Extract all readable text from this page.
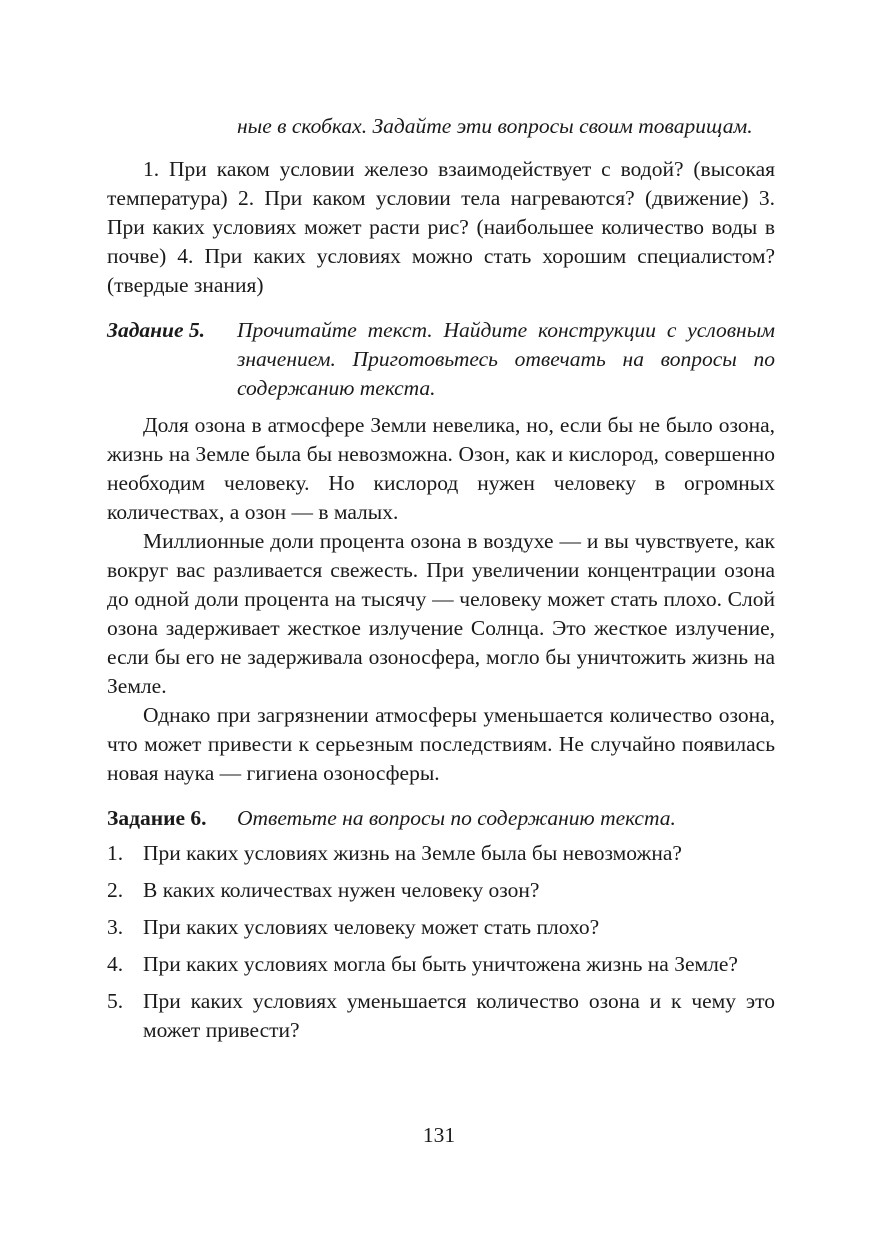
ные в скобках. Задайте эти вопросы своим товарищам.

1. При каком условии железо взаимодействует с водой? (высокая температура) 2. При каком условии тела нагреваются? (движение) 3. При каких условиях может расти рис? (наибольшее количество воды в почве) 4. При каких условиях можно стать хорошим специалистом? (твердые знания)

Задание 5.	Прочитайте текст. Найдите конструкции с условным значением. Приготовьтесь отвечать на вопросы по содержанию текста.

Доля озона в атмосфере Земли невелика, но, если бы не было озона, жизнь на Земле была бы невозможна. Озон, как и кислород, совершенно необходим человеку. Но кислород нужен человеку в огромных количествах, а озон — в малых.

Миллионные доли процента озона в воздухе — и вы чувствуете, как вокруг вас разливается свежесть. При увеличении концентрации озона до одной доли процента на тысячу — человеку может стать плохо. Слой озона задерживает жесткое излучение Солнца. Это жесткое излучение, если бы его не задерживала озоносфера, могло бы уничтожить жизнь на Земле.

Однако при загрязнении атмосферы уменьшается количество озона, что может привести к серьезным последствиям. Не случайно появилась новая наука — гигиена озоносферы.

Задание 6.	Ответьте на вопросы по содержанию текста.
1. При каких условиях жизнь на Земле была бы невозможна?
2. В каких количествах нужен человеку озон?
3. При каких условиях человеку может стать плохо?
4. При каких условиях могла бы быть уничтожена жизнь на Земле?
5. При каких условиях уменьшается количество озона и к чему это может привести?
131
